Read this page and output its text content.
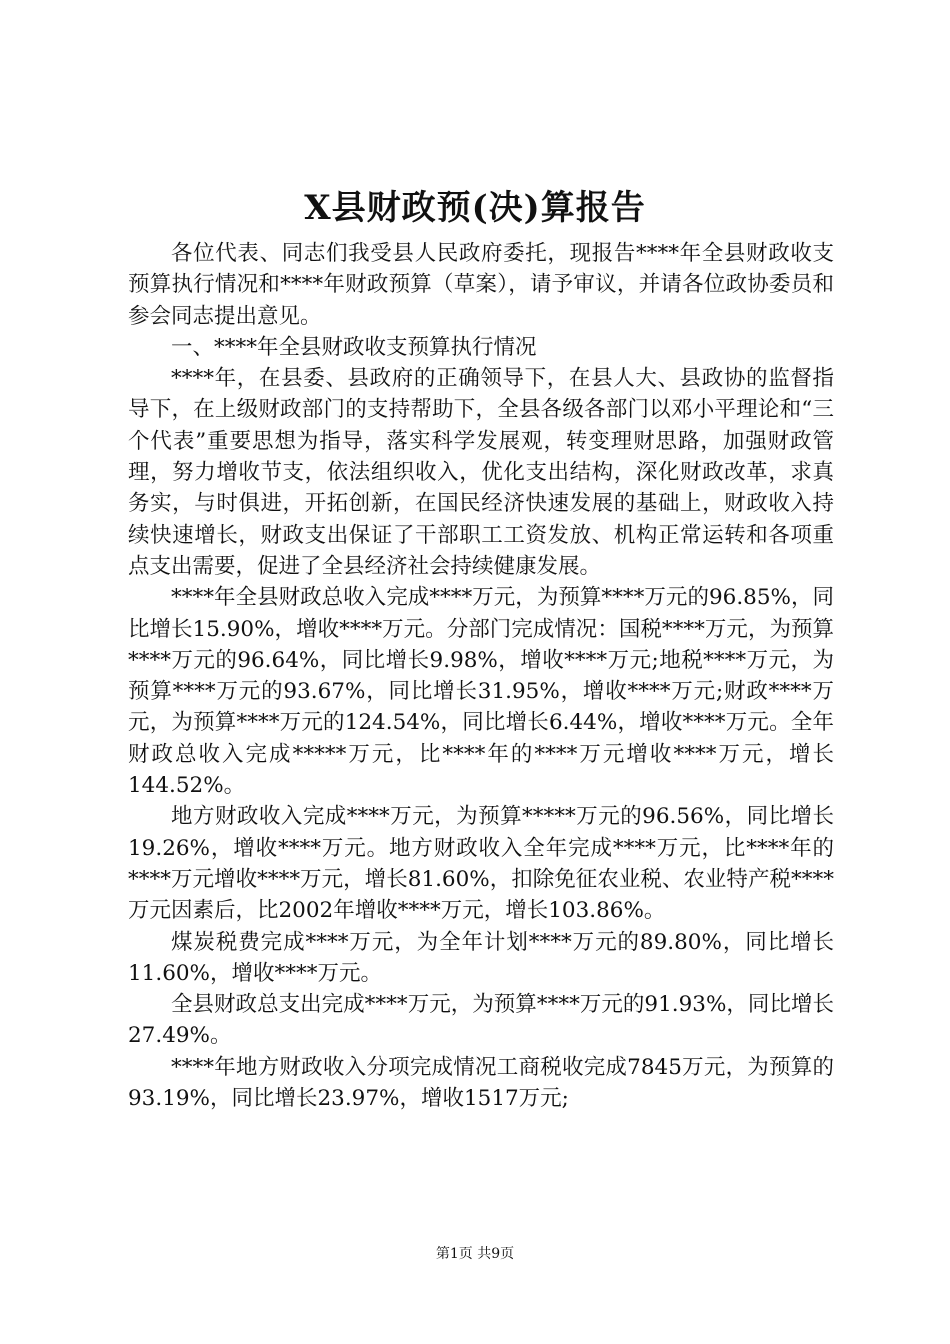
X县财政预(决)算报告

各位代表、同志们我受县人民政府委托，现报告****年全县财政收支预算执行情况和****年财政预算（草案），请予审议，并请各位政协委员和参会同志提出意见。

一、****年全县财政收支预算执行情况

****年，在县委、县政府的正确领导下，在县人大、县政协的监督指导下，在上级财政部门的支持帮助下，全县各级各部门以邓小平理论和“三个代表”重要思想为指导，落实科学发展观，转变理财思路，加强财政管理，努力增收节支，依法组织收入，优化支出结构，深化财政改革，求真务实，与时俱进，开拓创新，在国民经济快速发展的基础上，财政收入持续快速增长，财政支出保证了干部职工工资发放、机构正常运转和各项重点支出需要，促进了全县经济社会持续健康发展。

****年全县财政总收入完成****万元，为预算****万元的96.85%，同比增长15.90%，增收****万元。分部门完成情况：国税****万元，为预算****万元的96.64%，同比增长9.98%，增收****万元;地税****万元，为预算****万元的93.67%，同比增长31.95%，增收****万元;财政****万元，为预算****万元的124.54%，同比增长6.44%，增收****万元。全年财政总收入完成*****万元，比****年的****万元增收****万元，增长144.52%。

地方财政收入完成****万元，为预算*****万元的96.56%，同比增长19.26%，增收****万元。地方财政收入全年完成****万元，比****年的****万元增收****万元，增长81.60%，扣除免征农业税、农业特产税****万元因素后，比2002年增收****万元，增长103.86%。

煤炭税费完成****万元，为全年计划****万元的89.80%，同比增长11.60%，增收****万元。

全县财政总支出完成****万元，为预算****万元的91.93%，同比增长27.49%。

****年地方财政收入分项完成情况工商税收完成7845万元，为预算的93.19%，同比增长23.97%，增收1517万元;

第1页 共9页
